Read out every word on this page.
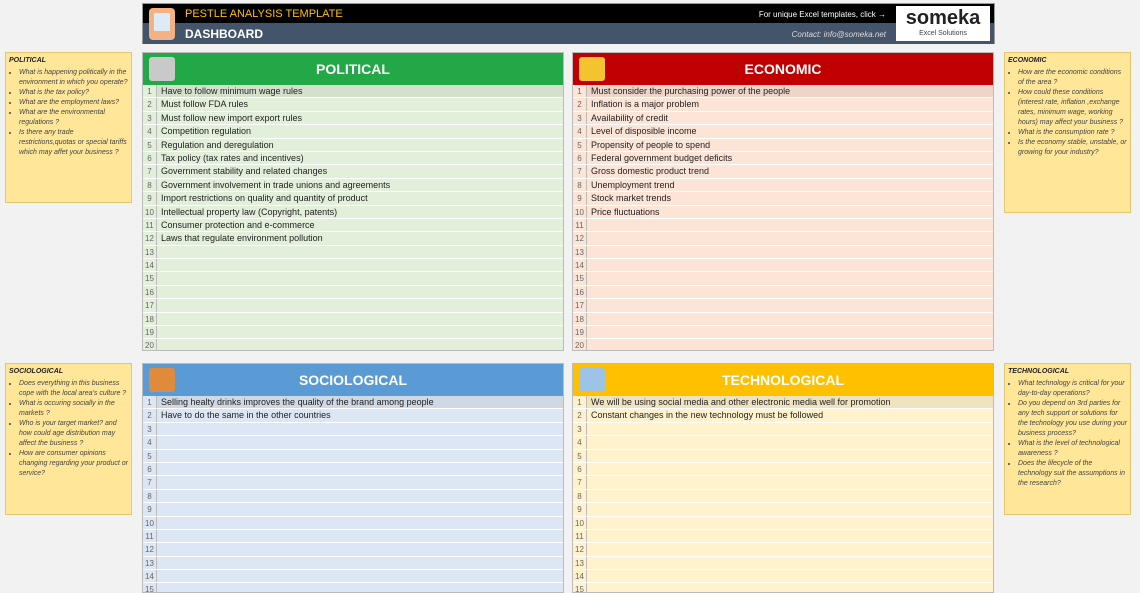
PESTLE ANALYSIS TEMPLATE
DASHBOARD
For unique Excel templates, click →
Contact: info@someka.net
someka
Excel Solutions
POLITICAL
• What is happening politically in the environment in which you operate?
• What is the tax policy?
• What are the employment laws?
• What are the environmental regulations ?
• Is there any trade restrictions,quotas or special tariffs which may affet your business ?
ECONOMIC
• How are the economic conditions of the area ?
• How could these conditions (interest rate, inflation ,exchange rates, minimum wage, working hours) may affect your business ?
• What is the consumption rate ?
• Is the economy stable, unstable, or growing for your industry?
SOCIOLOGICAL
• Does everything in this business cope with the local area's culture ?
• What is occuring socially in the markets ?
• Who is your target market? and how could age distribution may affect the business ?
• How are consumer opinions changing regarding your product or service?
TECHNOLOGICAL
• What technology is critical for your day-to-day operations?
• Do you depend on 3rd parties for any tech support or solutions for the technology you use during your business process?
• What is the level of technological awareness ?
• Does the lifecycle of the technology suit the assumptions in the research?
POLITICAL
1	Have to follow minimum wage rules
2	Must follow FDA rules
3	Must follow new import export rules
4	Competition regulation
5	Regulation and deregulation
6	Tax policy (tax rates and incentives)
7	Government stability and related changes
8	Government involvement in trade unions and agreements
9	Import restrictions on quality and quantity of product
10 Intellectual property law (Copyright, patents)
11 Consumer protection and e-commerce
12 Laws that regulate environment pollution
13
14
15
16
17
18
19
20
ECONOMIC
1	Must consider the purchasing power of the people
2	Inflation is a major problem
3	Availability of credit
4	Level of disposible income
5	Propensity of people to spend
6	Federal government budget deficits
7	Gross domestic product trend
8	Unemployment trend
9	Stock market trends
10 Price fluctuations
11
12
13
14
15
16
17
18
19
20
SOCIOLOGICAL
1	Selling healty drinks improves the quality of the brand among people
2	Have to do the same in the other countries
3
4
5
6
7
8
9
10
11
12
13
14
15
TECHNOLOGICAL
1	We will be using social media and other electronic media well for promotion
2	Constant changes in the new technology must be followed
3
4
5
6
7
8
9
10
11
12
13
14
15
